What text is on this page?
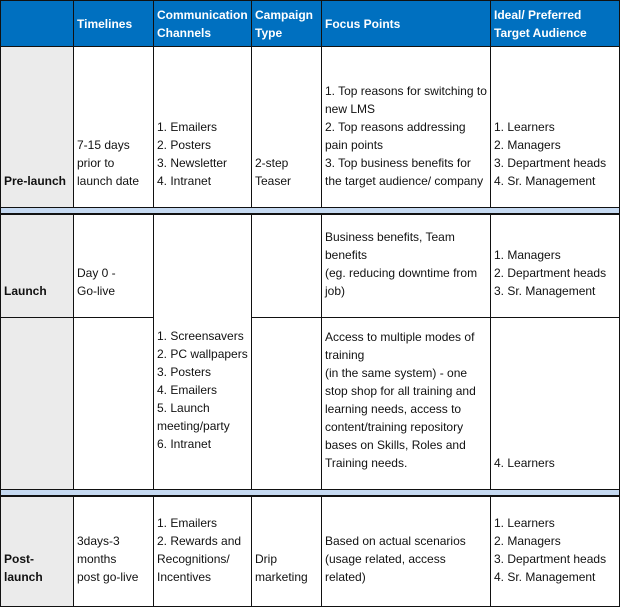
Timelines
Communication Channels
Campaign Type
Focus Points
Ideal/ Preferred Target Audience
Pre-launch
7-15 days
prior to
launch date
1. Emailers
2. Posters
3. Newsletter
4. Intranet
2-step
Teaser
1. Top reasons for switching to new LMS
2. Top reasons addressing pain points
3. Top business benefits for the target audience/ company
1. Learners
2. Managers
3. Department heads
4. Sr. Management
Launch
Day 0 -
Go-live
1. Screensavers
2. PC wallpapers
3. Posters
4. Emailers
5. Launch meeting/party
6. Intranet
Business benefits, Team benefits
(eg. reducing downtime from job)
1. Managers
2. Department heads
3. Sr. Management
Access to multiple modes of training
(in the same system) - one stop shop for all training and learning needs, access to content/training repository bases on Skills, Roles and Training needs.	4. Learners
Post-launch
3days-3
months
post go-live
1. Emailers
2. Rewards and Recognitions/ Incentives
Drip
marketing
Based on actual scenarios
(usage related, access related)
1. Learners
2. Managers
3. Department heads
4. Sr. Management
